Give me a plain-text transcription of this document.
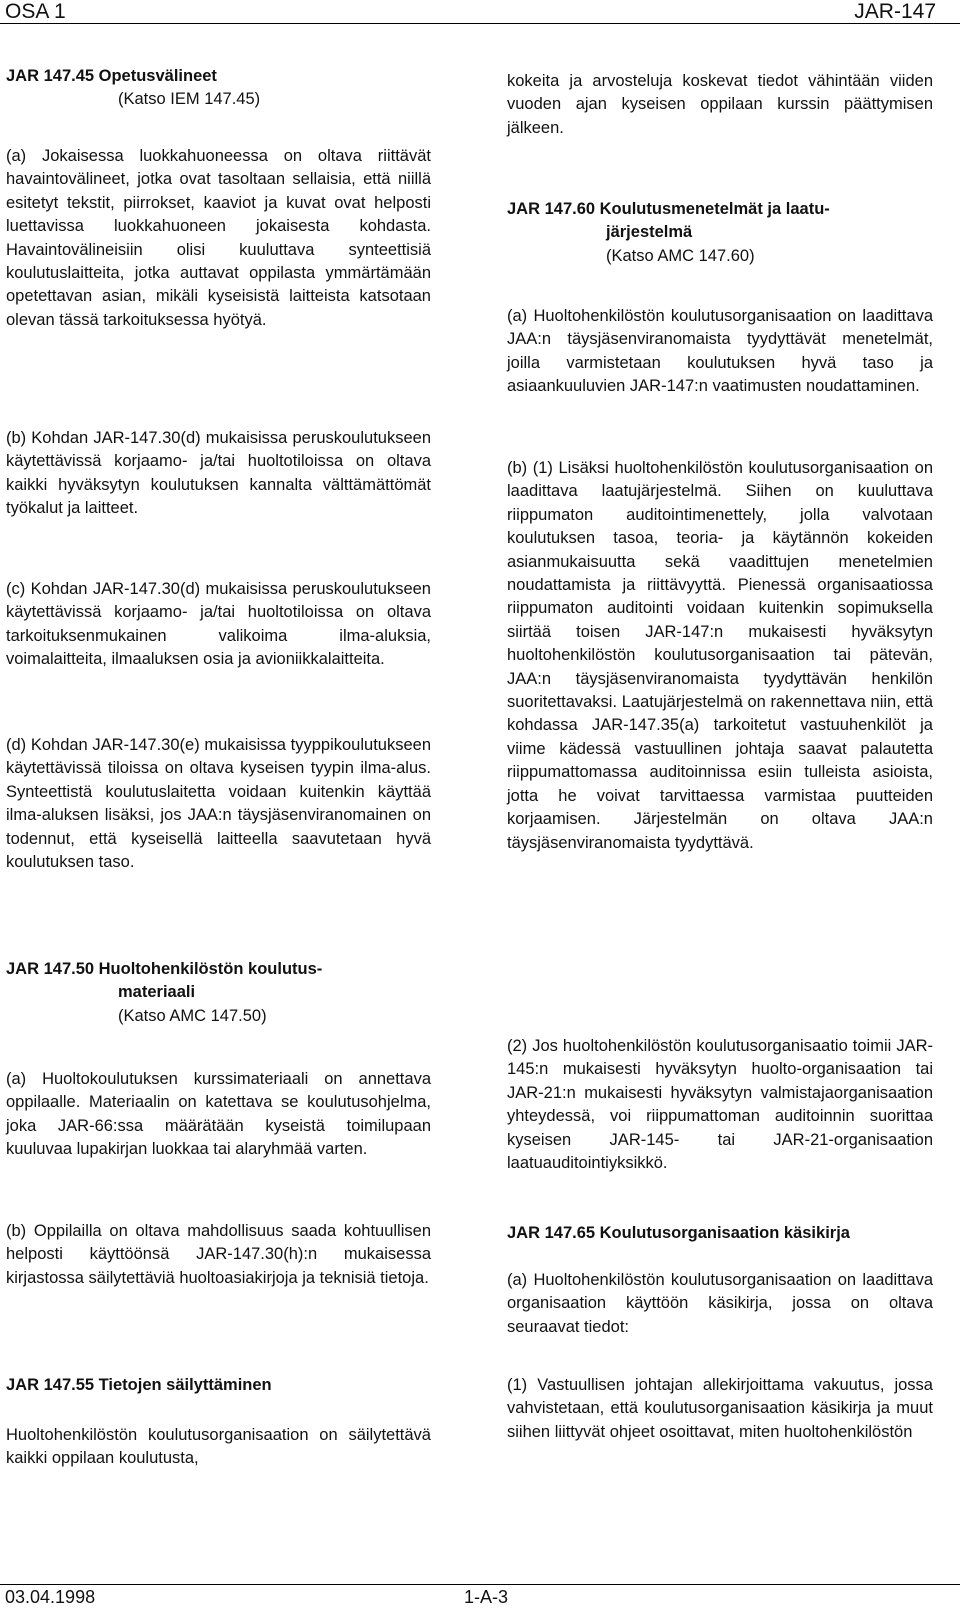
OSA 1	JAR-147

JAR 147.45 Opetusvälineet
(Katso IEM 147.45)

(a) Jokaisessa luokkahuoneessa on oltava riittävät havaintovälineet, jotka ovat tasoltaan sellaisia, että niillä esitetyt tekstit, piirrokset, kaaviot ja kuvat ovat helposti luettavissa luokkahuoneen jokaisesta kohdasta. Havaintovälineisiin olisi kuuluttava synteettisiä koulutuslaitteita, jotka auttavat oppilasta ymmärtämään opetettavan asian, mikäli kyseisistä laitteista katsotaan olevan tässä tarkoituksessa hyötyä.

(b) Kohdan JAR-147.30(d) mukaisissa peruskoulutukseen käytettävissä korjaamo- ja/tai huoltotiloissa on oltava kaikki hyväksytyn koulutuksen kannalta välttämättömät työkalut ja laitteet.

(c) Kohdan JAR-147.30(d) mukaisissa peruskoulutukseen käytettävissä korjaamo- ja/tai huoltotiloissa on oltava tarkoituksenmukainen valikoima ilma-aluksia, voimalaitteita, ilmaaluksen osia ja avioniikkalaitteita.

(d) Kohdan JAR-147.30(e) mukaisissa tyyppikoulutukseen käytettävissä tiloissa on oltava kyseisen tyypin ilma-alus. Synteettistä koulutuslaitetta voidaan kuitenkin käyttää ilma-aluksen lisäksi, jos JAA:n täysjäsenviranomainen on todennut, että kyseisellä laitteella saavutetaan hyvä koulutuksen taso.

JAR 147.50 Huoltohenkilöstön koulutus-
materiaali
(Katso AMC 147.50)

(a) Huoltokoulutuksen kurssimateriaali on annettava oppilaalle. Materiaalin on katettava se koulutusohjelma, joka JAR-66:ssa määrätään kyseistä toimilupaan kuuluvaa lupakirjan luokkaa tai alaryhmää varten.

(b) Oppilailla on oltava mahdollisuus saada kohtuullisen helposti käyttöönsä JAR-147.30(h):n mukaisessa kirjastossa säilytettäviä huoltoasiakirjoja ja teknisiä tietoja.

JAR 147.55 Tietojen säilyttäminen

Huoltohenkilöstön koulutusorganisaation on säilytettävä kaikki oppilaan koulutusta,

kokeita ja arvosteluja koskevat tiedot vähintään viiden vuoden ajan kyseisen oppilaan kurssin päättymisen jälkeen.

JAR 147.60 Koulutusmenetelmät ja laatu-
järjestelmä
(Katso AMC 147.60)

(a) Huoltohenkilöstön koulutusorganisaation on laadittava JAA:n täysjäsenviranomaista tyydyttävät menetelmät, joilla varmistetaan koulutuksen hyvä taso ja asiaankuuluvien JAR-147:n vaatimusten noudattaminen.

(b) (1) Lisäksi huoltohenkilöstön koulutusorganisaation on laadittava laatujärjestelmä. Siihen on kuuluttava riippumaton auditointimenettely, jolla valvotaan koulutuksen tasoa, teoria- ja käytännön kokeiden asianmukaisuutta sekä vaadittujen menetelmien noudattamista ja riittävyyttä. Pienessä organisaatiossa riippumaton auditointi voidaan kuitenkin sopimuksella siirtää toisen JAR-147:n mukaisesti hyväksytyn huoltohenkilöstön koulutusorganisaation tai pätevän, JAA:n täysjäsenviranomaista tyydyttävän henkilön suoritettavaksi. Laatujärjestelmä on rakennettava niin, että kohdassa JAR-147.35(a) tarkoitetut vastuuhenkilöt ja viime kädessä vastuullinen johtaja saavat palautetta riippumattomassa auditoinnissa esiin tulleista asioista, jotta he voivat tarvittaessa varmistaa puutteiden korjaamisen. Järjestelmän on oltava JAA:n täysjäsenviranomaista tyydyttävä.

(2) Jos huoltohenkilöstön koulutusorganisaatio toimii JAR-145:n mukaisesti hyväksytyn huolto-organisaation tai JAR-21:n mukaisesti hyväksytyn valmistajaorganisaation yhteydessä, voi riippumattoman auditoinnin suorittaa kyseisen JAR-145- tai JAR-21-organisaation laatuauditointiyksikkö.

JAR 147.65 Koulutusorganisaation käsikirja

(a) Huoltohenkilöstön koulutusorganisaation on laadittava organisaation käyttöön käsikirja, jossa on oltava seuraavat tiedot:

(1) Vastuullisen johtajan allekirjoittama vakuutus, jossa vahvistetaan, että koulutusorganisaation käsikirja ja muut siihen liittyvät ohjeet osoittavat, miten huoltohenkilöstön

03.04.1998	1-A-3
